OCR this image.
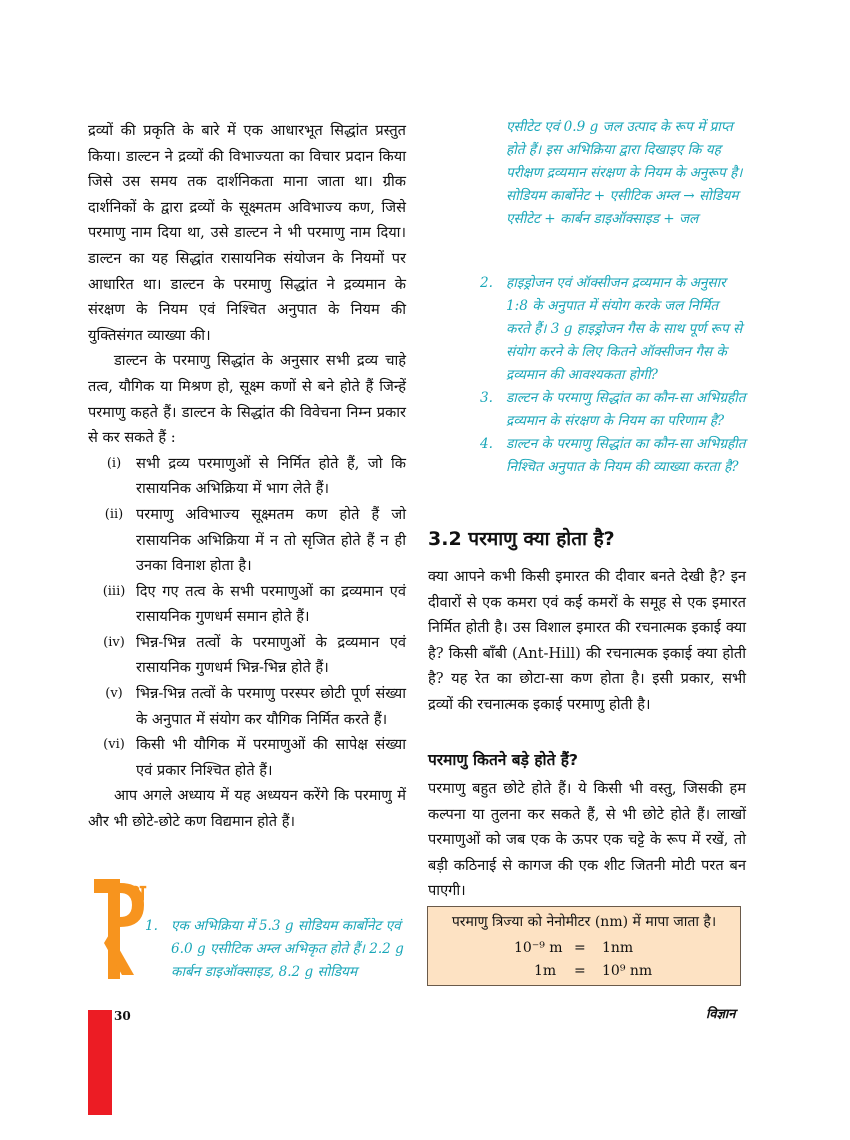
द्रव्यों की प्रकृति के बारे में एक आधारभूत सिद्धांत प्रस्तुत किया। डाल्टन ने द्रव्यों की विभाज्यता का विचार प्रदान किया जिसे उस समय तक दार्शनिकता माना जाता था। ग्रीक दार्शनिकों के द्वारा द्रव्यों के सूक्ष्मतम अविभाज्य कण, जिसे परमाणु नाम दिया था, उसे डाल्टन ने भी परमाणु नाम दिया। डाल्टन का यह सिद्धांत रासायनिक संयोजन के नियमों पर आधारित था। डाल्टन के परमाणु सिद्धांत ने द्रव्यमान के संरक्षण के नियम एवं निश्चित अनुपात के नियम की युक्तिसंगत व्याख्या की।

डाल्टन के परमाणु सिद्धांत के अनुसार सभी द्रव्य चाहे तत्व, यौगिक या मिश्रण हो, सूक्ष्म कणों से बने होते हैं जिन्हें परमाणु कहते हैं। डाल्टन के सिद्धांत की विवेचना निम्न प्रकार से कर सकते हैं :

(i)	सभी द्रव्य परमाणुओं से निर्मित होते हैं, जो कि रासायनिक अभिक्रिया में भाग लेते हैं।
(ii) परमाणु अविभाज्य सूक्ष्मतम कण होते हैं जो रासायनिक अभिक्रिया में न तो सृजित होते हैं न ही उनका विनाश होता है।
(iii) दिए गए तत्व के सभी परमाणुओं का द्रव्यमान एवं रासायनिक गुणधर्म समान होते हैं।
(iv) भिन्न-भिन्न तत्वों के परमाणुओं के द्रव्यमान एवं रासायनिक गुणधर्म भिन्न-भिन्न होते हैं।
(v) भिन्न-भिन्न तत्वों के परमाणु परस्पर छोटी पूर्ण संख्या के अनुपात में संयोग कर यौगिक निर्मित करते हैं।
(vi) किसी भी यौगिक में परमाणुओं की सापेक्ष संख्या एवं प्रकार निश्चित होते हैं।

आप अगले अध्याय में यह अध्ययन करेंगे कि परमाणु में और भी छोटे-छोटे कण विद्यमान होते हैं।

श्न
1. एक अभिक्रिया में 5.3 g सोडियम कार्बोनेट एवं 6.0 g एसीटिक अम्ल अभिकृत होते हैं। 2.2 g कार्बन डाइऑक्साइड, 8.2 g सोडियम

एसीटेट एवं 0.9 g जल उत्पाद के रूप में प्राप्त होते हैं। इस अभिक्रिया द्वारा दिखाइए कि यह परीक्षण द्रव्यमान संरक्षण के नियम के अनुरूप है।

सोडियम कार्बोनेट + एसीटिक अम्ल → सोडियम एसीटेट + कार्बन डाइऑक्साइड + जल

2. हाइड्रोजन एवं ऑक्सीजन द्रव्यमान के अनुसार 1:8 के अनुपात में संयोग करके जल निर्मित करते हैं। 3 g हाइड्रोजन गैस के साथ पूर्ण रूप से संयोग करने के लिए कितने ऑक्सीजन गैस के द्रव्यमान की आवश्यकता होगी?
3. डाल्टन के परमाणु सिद्धांत का कौन-सा अभिग्रहीत द्रव्यमान के संरक्षण के नियम का परिणाम है?
4. डाल्टन के परमाणु सिद्धांत का कौन-सा अभिग्रहीत निश्चित अनुपात के नियम की व्याख्या करता है?
3.2 परमाणु क्या होता है?

क्या आपने कभी किसी इमारत की दीवार बनते देखी है? इन दीवारों से एक कमरा एवं कई कमरों के समूह से एक इमारत निर्मित होती है। उस विशाल इमारत की रचनात्मक इकाई क्या है? किसी बाँबी (Ant-Hill) की रचनात्मक इकाई क्या होती है? यह रेत का छोटा-सा कण होता है। इसी प्रकार, सभी द्रव्यों की रचनात्मक इकाई परमाणु होती है।

परमाणु कितने बड़े होते हैं?

परमाणु बहुत छोटे होते हैं। ये किसी भी वस्तु, जिसकी हम कल्पना या तुलना कर सकते हैं, से भी छोटे होते हैं। लाखों परमाणुओं को जब एक के ऊपर एक चट्टे के रूप में रखें, तो बड़ी कठिनाई से कागज की एक शीट जितनी मोटी परत बन पाएगी।

परमाणु त्रिज्या को नेनोमीटर (nm) में मापा जाता है।
10⁻⁹ m = 1nm
1m = 10⁹ nm
30	विज्ञान
